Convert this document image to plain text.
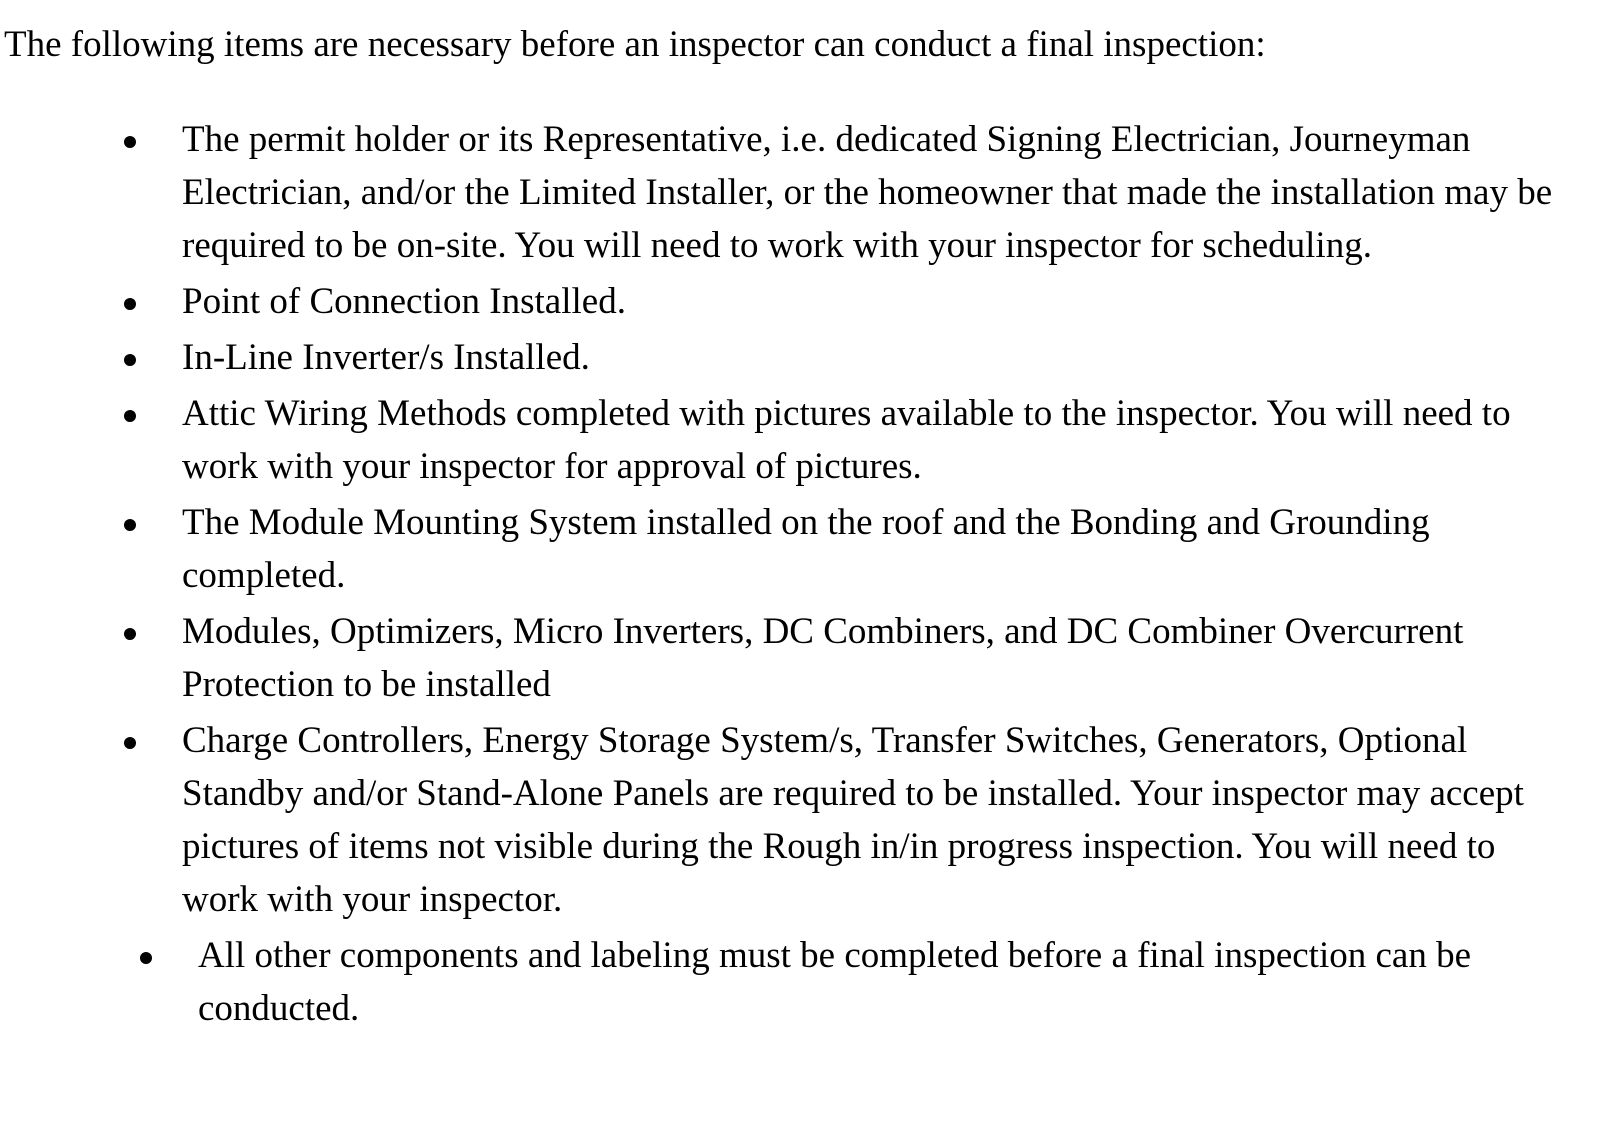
The following items are necessary before an inspector can conduct a final inspection:

The permit holder or its Representative, i.e. dedicated Signing Electrician, Journeyman Electrician, and/or the Limited Installer, or the homeowner that made the installation may be required to be on-site. You will need to work with your inspector for scheduling.
Point of Connection Installed.
In-Line Inverter/s Installed.
Attic Wiring Methods completed with pictures available to the inspector. You will need to work with your inspector for approval of pictures.
The Module Mounting System installed on the roof and the Bonding and Grounding completed.
Modules, Optimizers, Micro Inverters, DC Combiners, and DC Combiner Overcurrent Protection to be installed
Charge Controllers, Energy Storage System/s, Transfer Switches, Generators, Optional Standby and/or Stand-Alone Panels are required to be installed. Your inspector may accept pictures of items not visible during the Rough in/in progress inspection. You will need to work with your inspector.
All other components and labeling must be completed before a final inspection can be conducted.
